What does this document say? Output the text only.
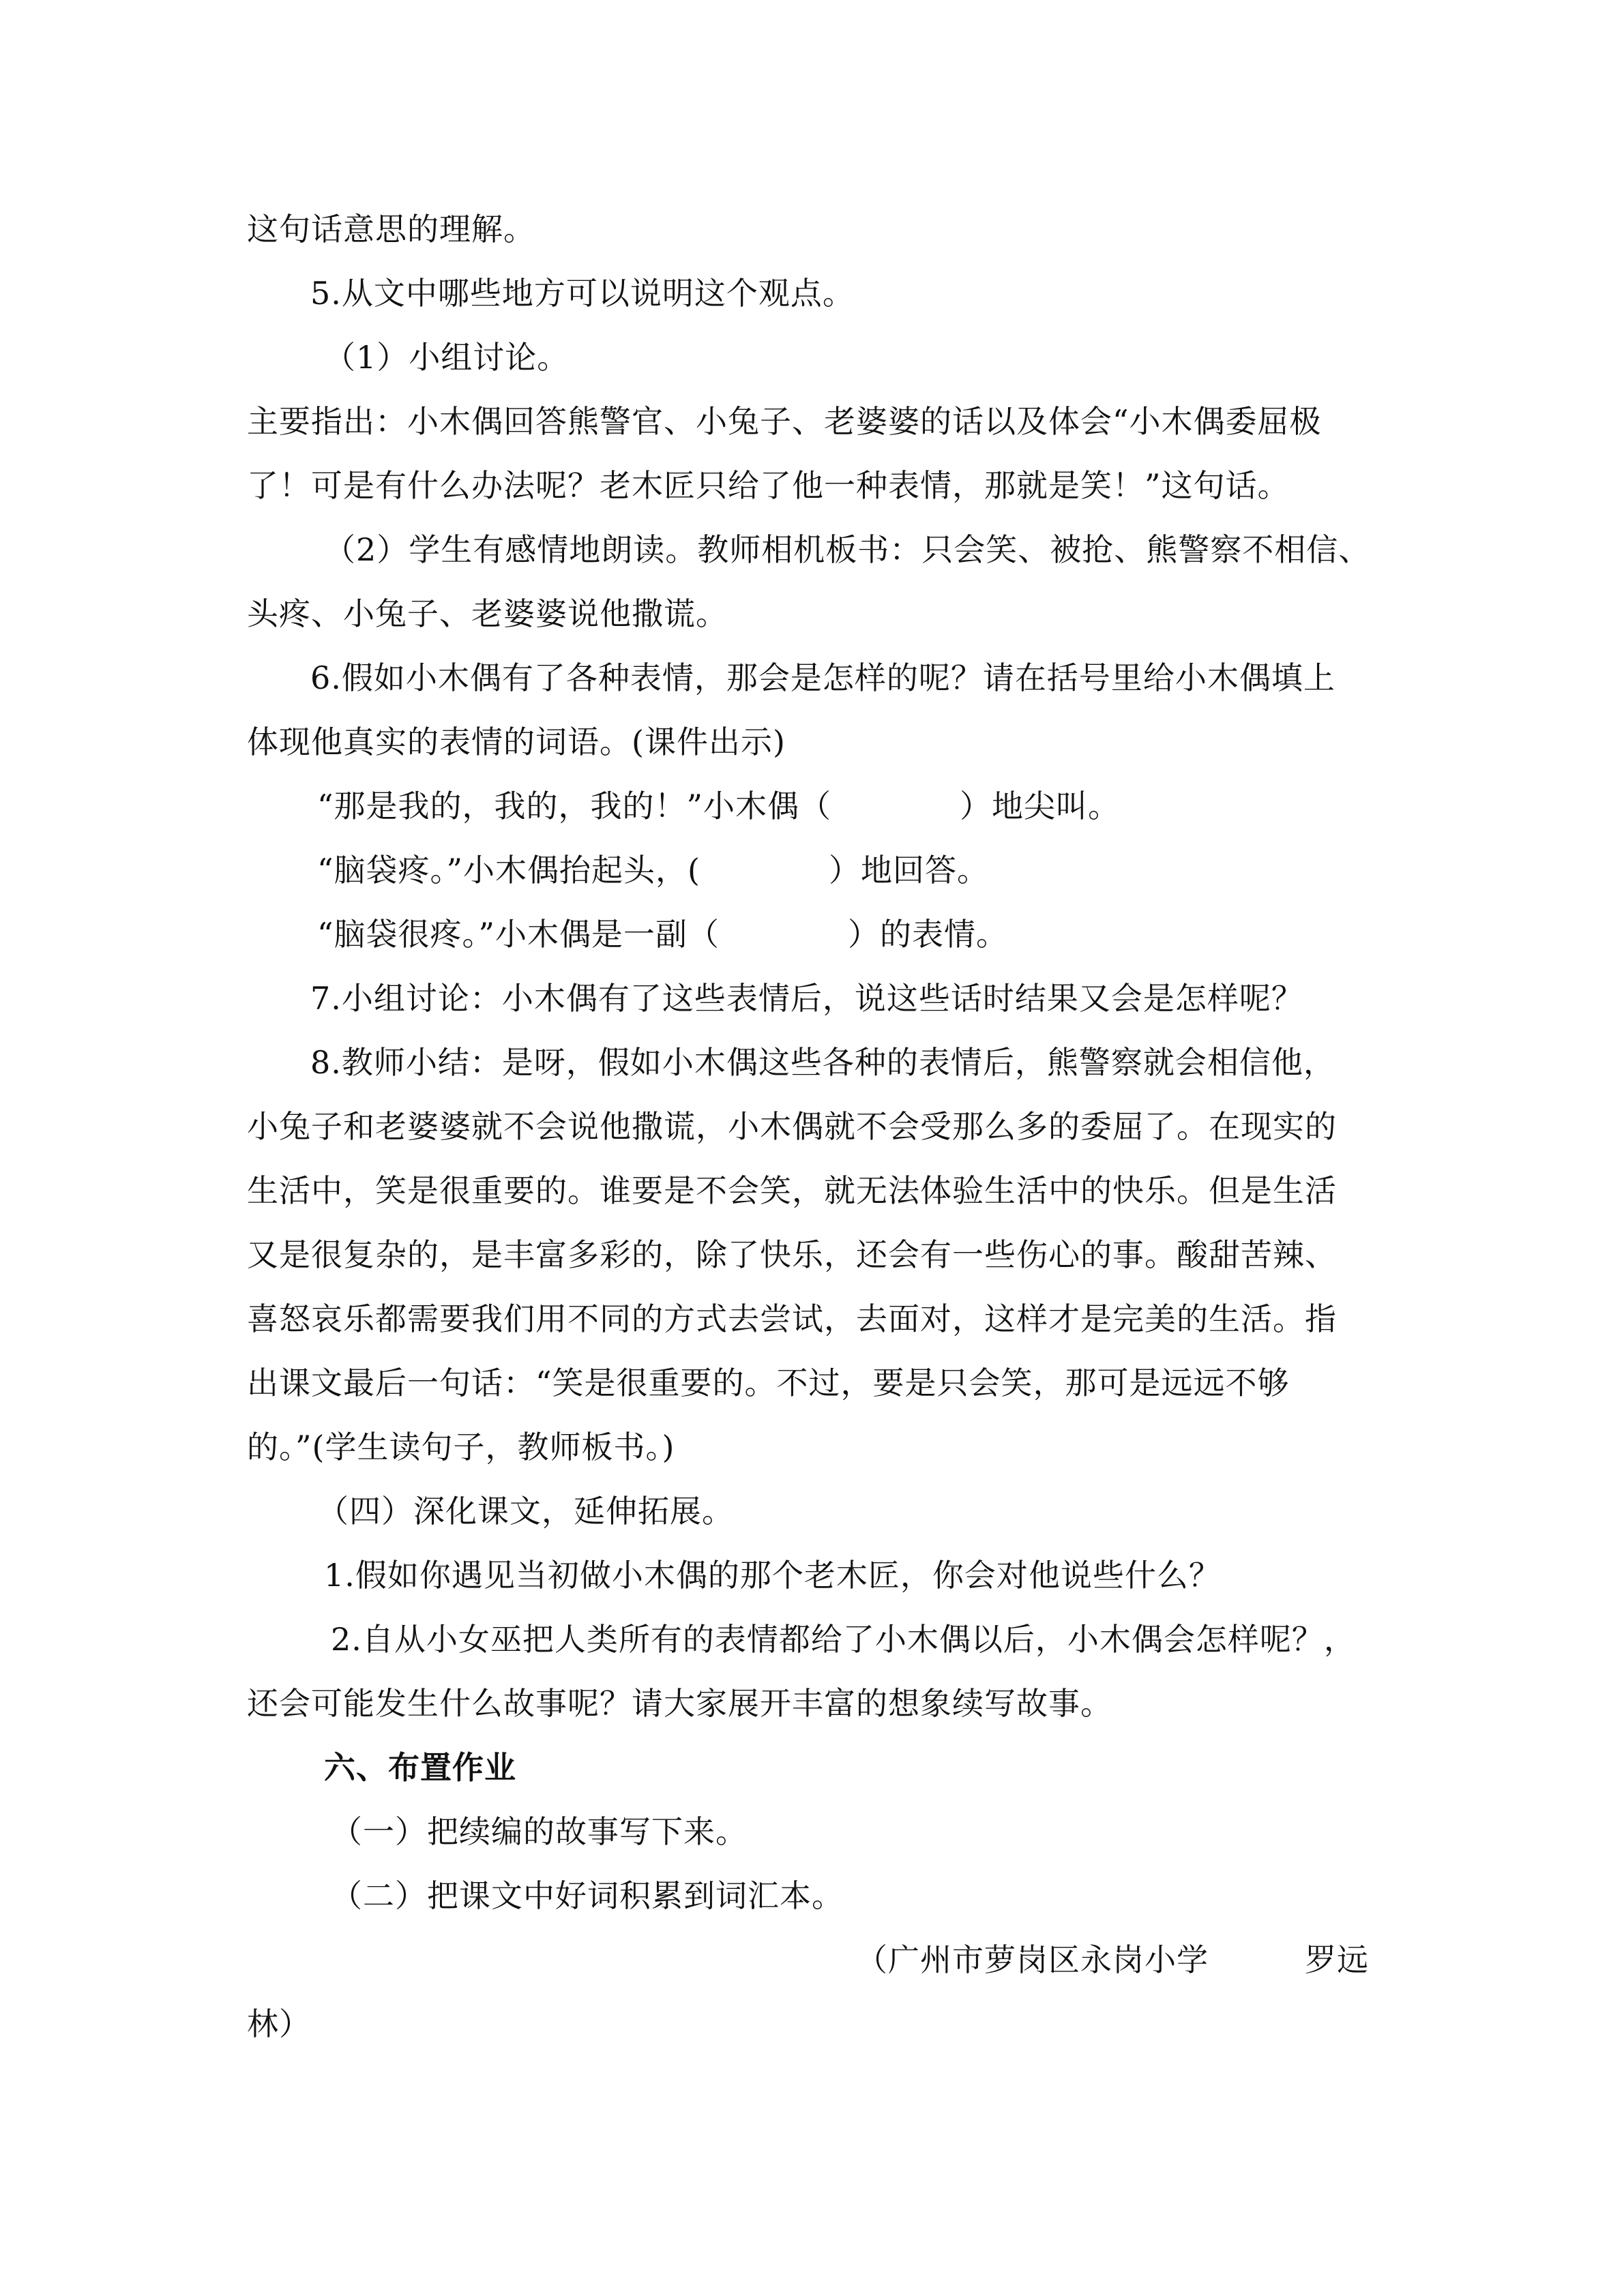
这句话意思的理解。
5.从文中哪些地方可以说明这个观点。
（1）小组讨论。
主要指出：小木偶回答熊警官、小兔子、老婆婆的话以及体会“小木偶委屈极
了！可是有什么办法呢？老木匠只给了他一种表情，那就是笑！”这句话。
（2）学生有感情地朗读。教师相机板书：只会笑、被抢、熊警察不相信、
头疼、小兔子、老婆婆说他撒谎。
6.假如小木偶有了各种表情，那会是怎样的呢？请在括号里给小木偶填上
体现他真实的表情的词语。(课件出示)
“那是我的，我的，我的！”小木偶（　　　　）地尖叫。
“脑袋疼。”小木偶抬起头，(　　　　）地回答。
“脑袋很疼。”小木偶是一副（　　　　）的表情。
7.小组讨论：小木偶有了这些表情后，说这些话时结果又会是怎样呢？
8.教师小结：是呀，假如小木偶这些各种的表情后，熊警察就会相信他，
小兔子和老婆婆就不会说他撒谎，小木偶就不会受那么多的委屈了。在现实的
生活中，笑是很重要的。谁要是不会笑，就无法体验生活中的快乐。但是生活
又是很复杂的，是丰富多彩的，除了快乐，还会有一些伤心的事。酸甜苦辣、
喜怒哀乐都需要我们用不同的方式去尝试，去面对，这样才是完美的生活。指
出课文最后一句话：“笑是很重要的。不过，要是只会笑，那可是远远不够
的。”(学生读句子，教师板书。)
（四）深化课文，延伸拓展。
1.假如你遇见当初做小木偶的那个老木匠，你会对他说些什么？
2.自从小女巫把人类所有的表情都给了小木偶以后，小木偶会怎样呢？，
还会可能发生什么故事呢？请大家展开丰富的想象续写故事。
六、布置作业
（一）把续编的故事写下来。
（二）把课文中好词积累到词汇本。
（广州市萝岗区永岗小学　　　罗远
林）
